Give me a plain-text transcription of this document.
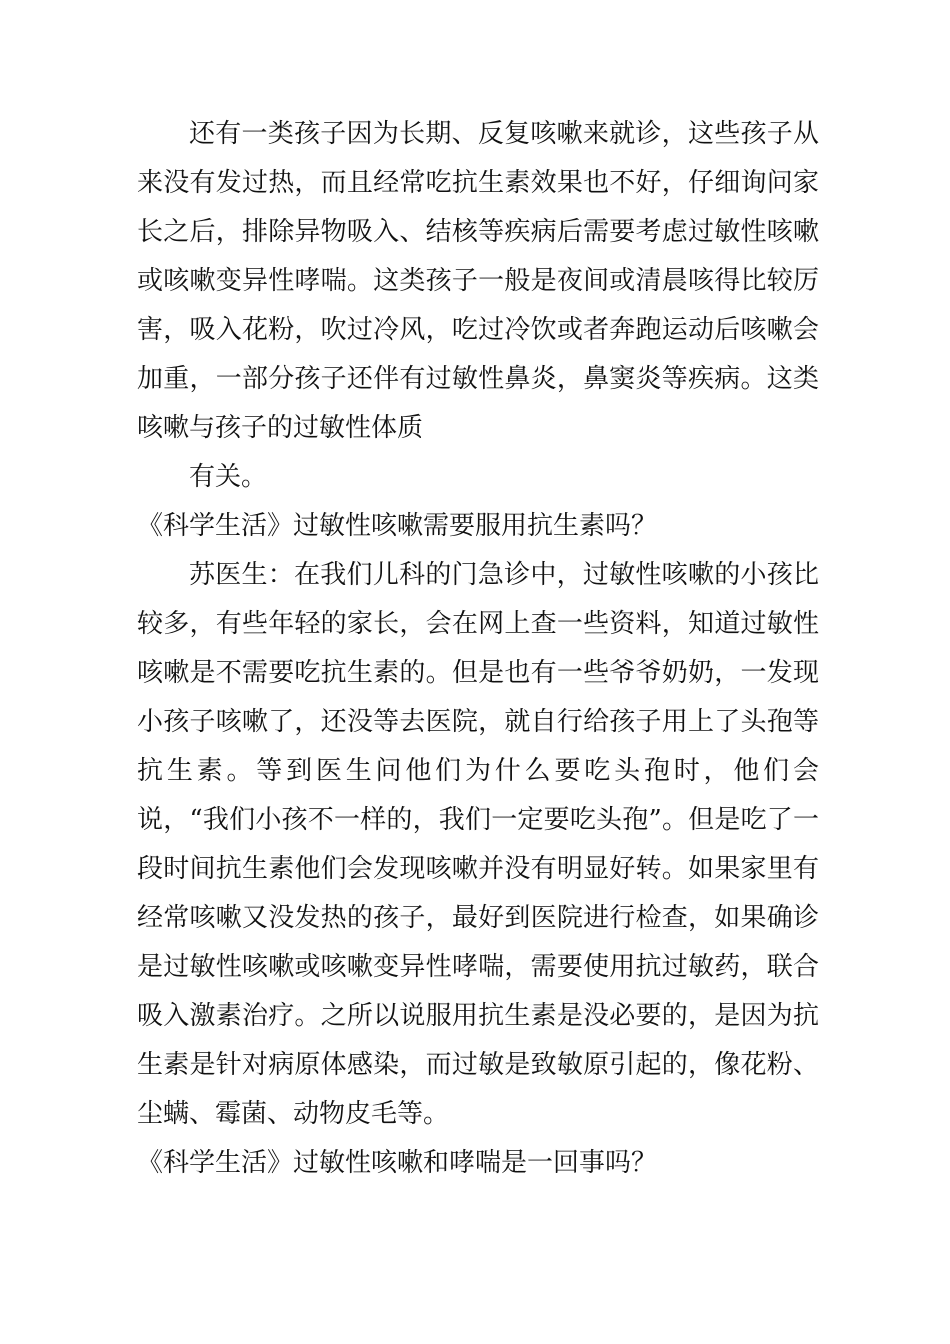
还有一类孩子因为长期、反复咳嗽来就诊，这些孩子从来没有发过热，而且经常吃抗生素效果也不好，仔细询问家长之后，排除异物吸入、结核等疾病后需要考虑过敏性咳嗽或咳嗽变异性哮喘。这类孩子一般是夜间或清晨咳得比较厉害，吸入花粉，吹过冷风，吃过冷饮或者奔跑运动后咳嗽会加重，一部分孩子还伴有过敏性鼻炎，鼻窦炎等疾病。这类咳嗽与孩子的过敏性体质

有关。

《科学生活》过敏性咳嗽需要服用抗生素吗？

苏医生：在我们儿科的门急诊中，过敏性咳嗽的小孩比较多，有些年轻的家长，会在网上查一些资料，知道过敏性咳嗽是不需要吃抗生素的。但是也有一些爷爷奶奶，一发现小孩子咳嗽了，还没等去医院，就自行给孩子用上了头孢等抗生素。等到医生问他们为什么要吃头孢时，他们会说，“我们小孩不一样的，我们一定要吃头孢”。但是吃了一段时间抗生素他们会发现咳嗽并没有明显好转。如果家里有经常咳嗽又没发热的孩子，最好到医院进行检查，如果确诊是过敏性咳嗽或咳嗽变异性哮喘，需要使用抗过敏药，联合吸入激素治疗。之所以说服用抗生素是没必要的，是因为抗生素是针对病原体感染，而过敏是致敏原引起的，像花粉、尘螨、霉菌、动物皮毛等。

《科学生活》过敏性咳嗽和哮喘是一回事吗？
